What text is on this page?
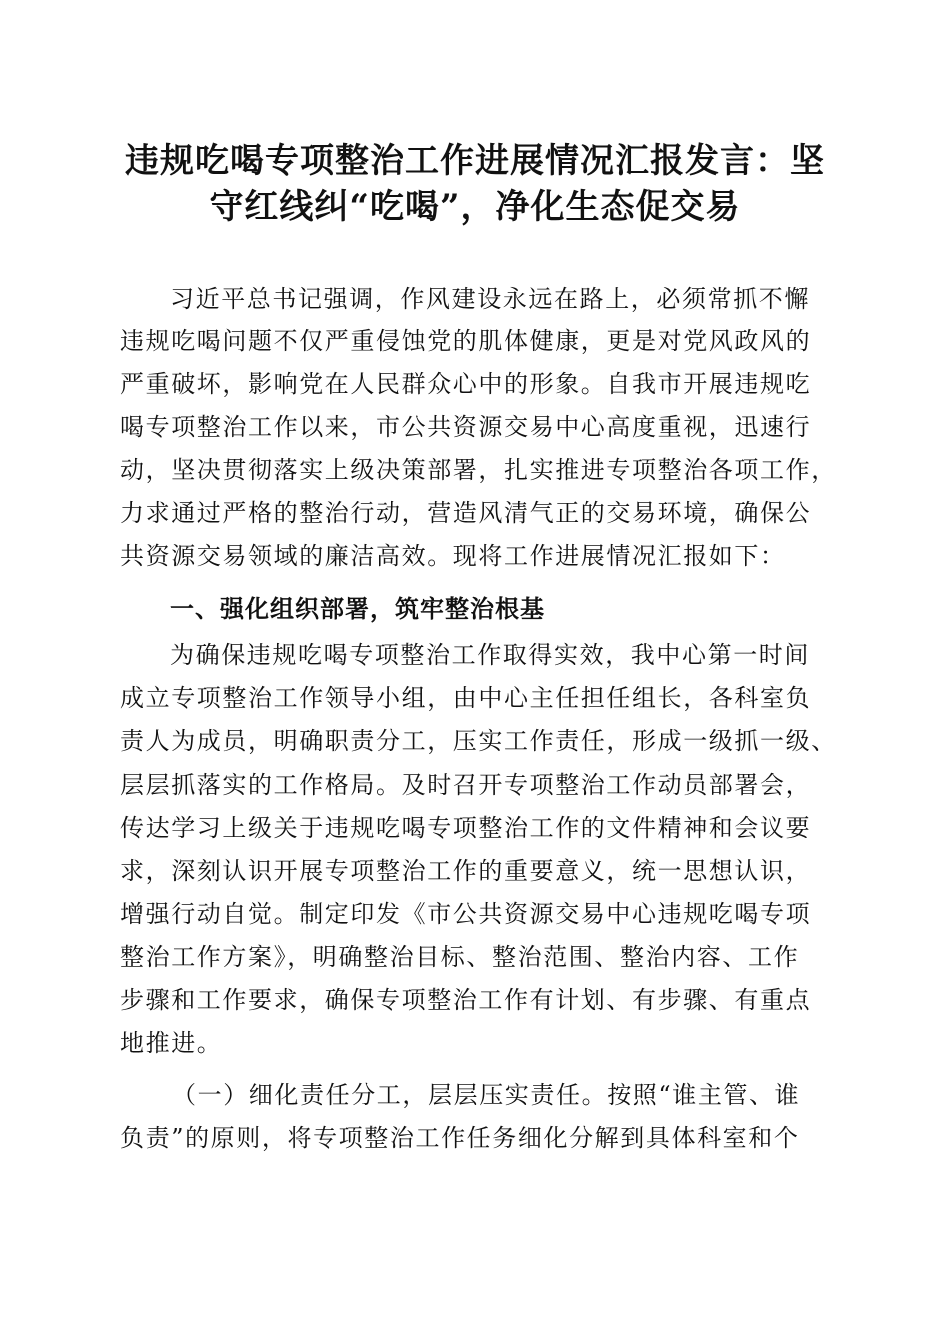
违规吃喝专项整治工作进展情况汇报发言：坚
守红线纠“吃喝”，净化生态促交易
习近平总书记强调，作风建设永远在路上，必须常抓不懈
违规吃喝问题不仅严重侵蚀党的肌体健康，更是对党风政风的
严重破坏，影响党在人民群众心中的形象。自我市开展违规吃
喝专项整治工作以来，市公共资源交易中心高度重视，迅速行
动，坚决贯彻落实上级决策部署，扎实推进专项整治各项工作，
力求通过严格的整治行动，营造风清气正的交易环境，确保公
共资源交易领域的廉洁高效。现将工作进展情况汇报如下：
一、强化组织部署，筑牢整治根基
为确保违规吃喝专项整治工作取得实效，我中心第一时间
成立专项整治工作领导小组，由中心主任担任组长，各科室负
责人为成员，明确职责分工，压实工作责任，形成一级抓一级、
层层抓落实的工作格局。及时召开专项整治工作动员部署会，
传达学习上级关于违规吃喝专项整治工作的文件精神和会议要
求，深刻认识开展专项整治工作的重要意义，统一思想认识，
增强行动自觉。制定印发《市公共资源交易中心违规吃喝专项
整治工作方案》，明确整治目标、整治范围、整治内容、工作
步骤和工作要求，确保专项整治工作有计划、有步骤、有重点
地推进。
（一）细化责任分工，层层压实责任。按照“谁主管、谁
负责”的原则，将专项整治工作任务细化分解到具体科室和个
